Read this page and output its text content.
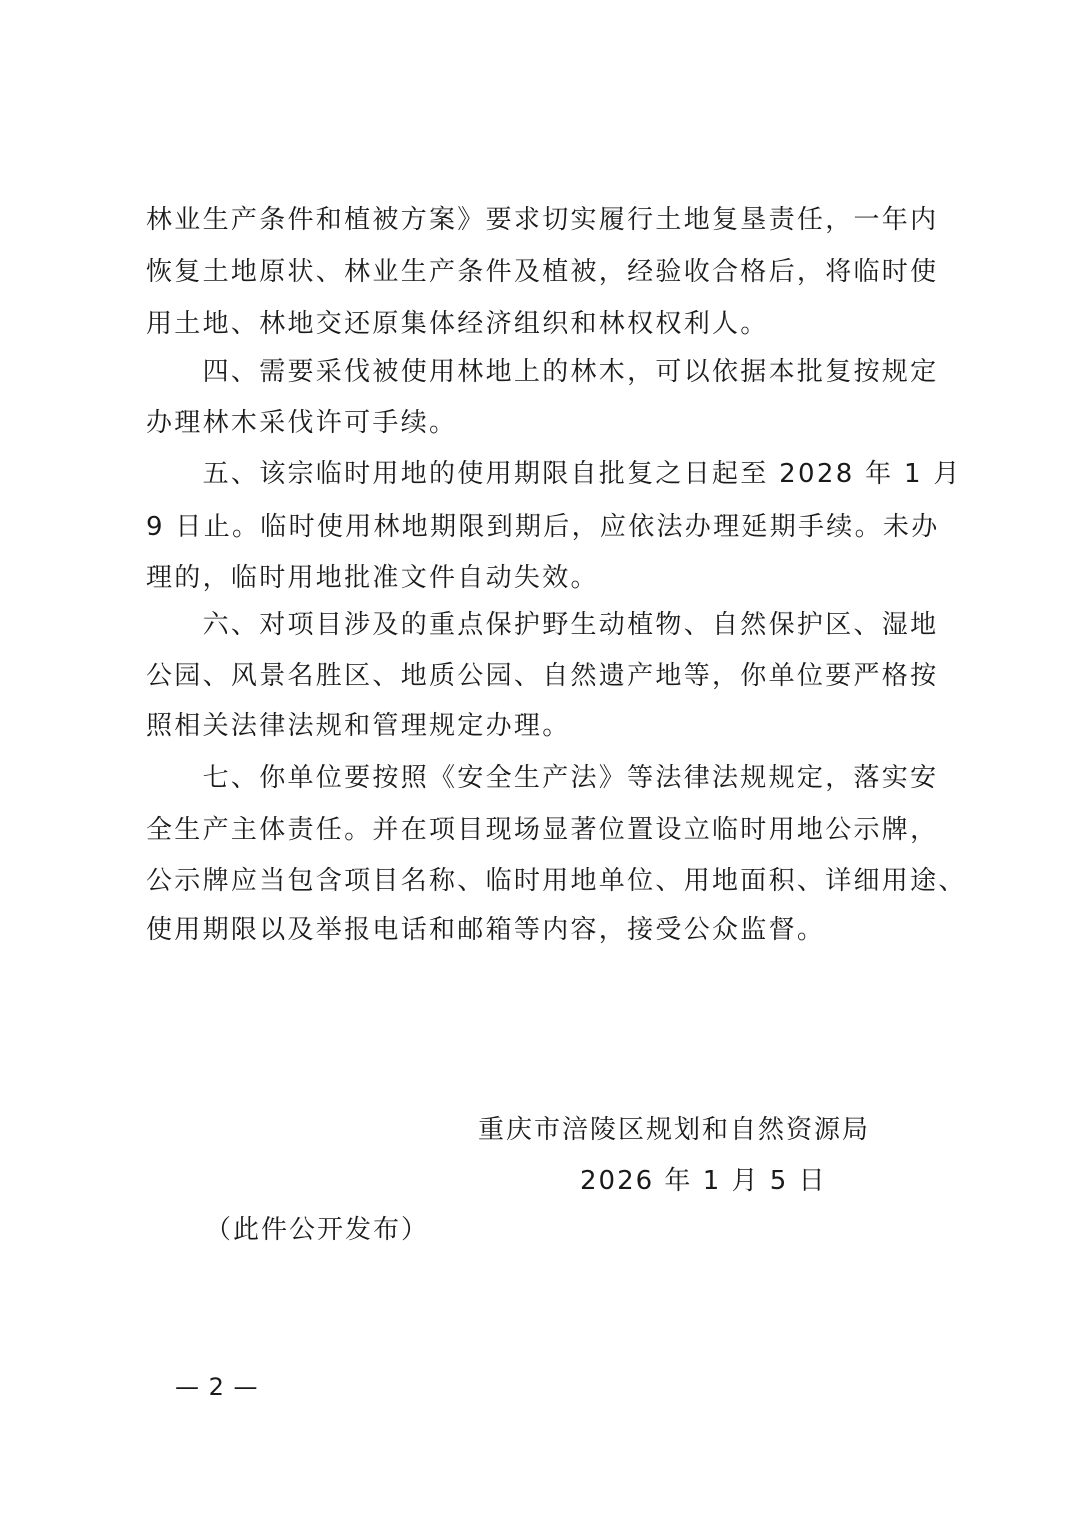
林业生产条件和植被方案》要求切实履行土地复垦责任，一年内
恢复土地原状、林业生产条件及植被，经验收合格后，将临时使
用土地、林地交还原集体经济组织和林权权利人。
　　四、需要采伐被使用林地上的林木，可以依据本批复按规定
办理林木采伐许可手续。
　　五、该宗临时用地的使用期限自批复之日起至 2028 年 1 月
9 日止。临时使用林地期限到期后，应依法办理延期手续。未办
理的，临时用地批准文件自动失效。
　　六、对项目涉及的重点保护野生动植物、自然保护区、湿地
公园、风景名胜区、地质公园、自然遗产地等，你单位要严格按
照相关法律法规和管理规定办理。
　　七、你单位要按照《安全生产法》等法律法规规定，落实安
全生产主体责任。并在项目现场显著位置设立临时用地公示牌，
公示牌应当包含项目名称、临时用地单位、用地面积、详细用途、
使用期限以及举报电话和邮箱等内容，接受公众监督。
重庆市涪陵区规划和自然资源局
2026 年 1 月 5 日
（此件公开发布）
— 2 —
